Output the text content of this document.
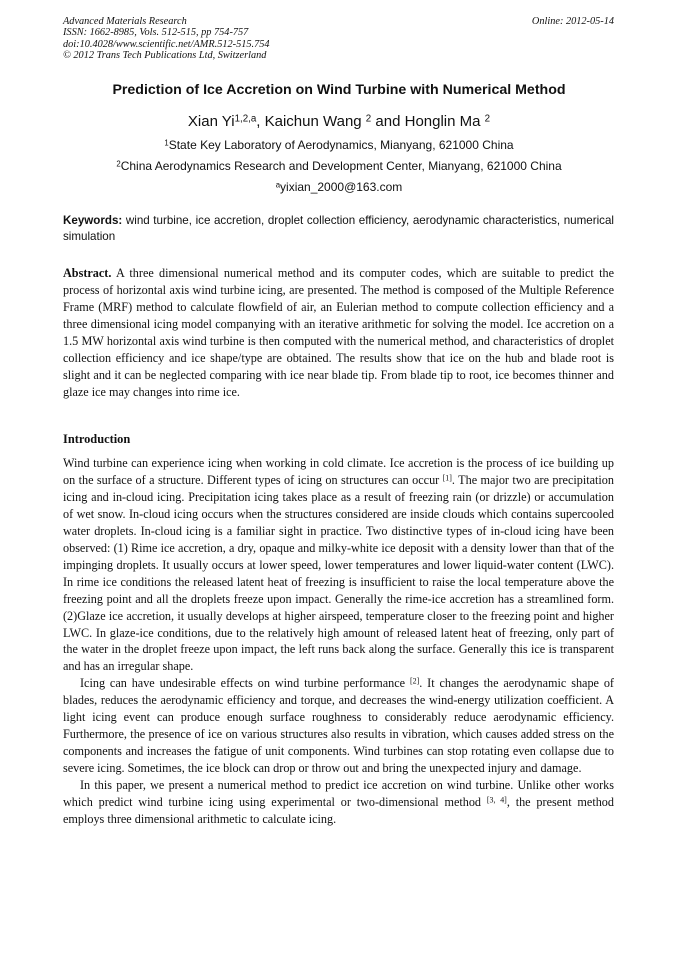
Advanced Materials Research
ISSN: 1662-8985, Vols. 512-515, pp 754-757
doi:10.4028/www.scientific.net/AMR.512-515.754
© 2012 Trans Tech Publications Ltd, Switzerland
Online: 2012-05-14
Prediction of Ice Accretion on Wind Turbine with Numerical Method
Xian Yi$^{1,2,a}$, Kaichun Wang $^2$ and Honglin Ma $^2$
$^1$State Key Laboratory of Aerodynamics, Mianyang, 621000 China
$^2$China Aerodynamics Research and Development Center, Mianyang, 621000 China
$^a$yixian_2000@163.com
Keywords: wind turbine, ice accretion, droplet collection efficiency, aerodynamic characteristics, numerical simulation

Abstract. A three dimensional numerical method and its computer codes, which are suitable to predict the process of horizontal axis wind turbine icing, are presented. The method is composed of the Multiple Reference Frame (MRF) method to calculate flowfield of air, an Eulerian method to compute collection efficiency and a three dimensional icing model companying with an iterative arithmetic for solving the model. Ice accretion on a 1.5 MW horizontal axis wind turbine is then computed with the numerical method, and characteristics of droplet collection efficiency and ice shape/type are obtained. The results show that ice on the hub and blade root is slight and it can be neglected comparing with ice near blade tip. From blade tip to root, ice becomes thinner and glaze ice may changes into rime ice.

Introduction

Wind turbine can experience icing when working in cold climate. Ice accretion is the process of ice building up on the surface of a structure. Different types of icing on structures can occur [1]. The major two are precipitation icing and in-cloud icing. Precipitation icing takes place as a result of freezing rain (or drizzle) or accumulation of wet snow. In-cloud icing occurs when the structures considered are inside clouds which contains supercooled water droplets. In-cloud icing is a familiar sight in practice. Two distinctive types of in-cloud icing have been observed: (1) Rime ice accretion, a dry, opaque and milky-white ice deposit with a density lower than that of the impinging droplets. It usually occurs at lower speed, lower temperatures and lower liquid-water content (LWC). In rime ice conditions the released latent heat of freezing is insufficient to raise the local temperature above the freezing point and all the droplets freeze upon impact. Generally the rime-ice accretion has a streamlined form. (2)Glaze ice accretion, it usually develops at higher airspeed, temperature closer to the freezing point and higher LWC. In glaze-ice conditions, due to the relatively high amount of released latent heat of freezing, only part of the water in the droplet freeze upon impact, the left runs back along the surface. Generally this ice is transparent and has an irregular shape.

Icing can have undesirable effects on wind turbine performance [2]. It changes the aerodynamic shape of blades, reduces the aerodynamic efficiency and torque, and decreases the wind-energy utilization coefficient. A light icing event can produce enough surface roughness to considerably reduce aerodynamic efficiency. Furthermore, the presence of ice on various structures also results in vibration, which causes added stress on the components and increases the fatigue of unit components. Wind turbines can stop rotating even collapse due to severe icing. Sometimes, the ice block can drop or throw out and bring the unexpected injury and damage.

In this paper, we present a numerical method to predict ice accretion on wind turbine. Unlike other works which predict wind turbine icing using experimental or two-dimensional method [3, 4], the present method employs three dimensional arithmetic to calculate icing.
